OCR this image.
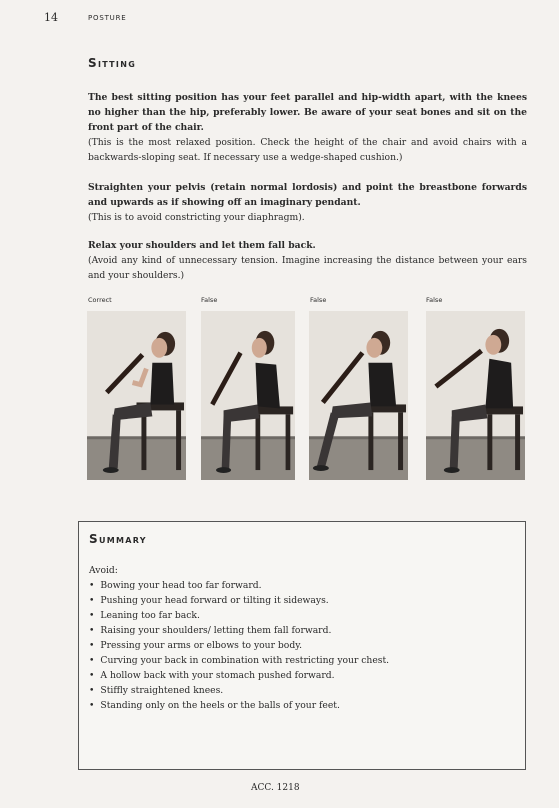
14	POSTURE
Sitting

The best sitting position has your feet parallel and hip-width apart, with the knees no higher than the hip, preferably lower. Be aware of your seat bones and sit on the front part of the chair.
(This is the most relaxed position. Check the height of the chair and avoid chairs with a backwards-sloping seat. If necessary use a wedge-shaped cushion.)

Straighten your pelvis (retain normal lordosis) and point the breastbone forwards and upwards as if showing off an imaginary pendant.
(This is to avoid constricting your diaphragm).

Relax your shoulders and let them fall back.
(Avoid any kind of unnecessary tension. Imagine increasing the distance between your ears and your shoulders.)

Correct	False	False	False
Summary
Avoid:
• Bowing your head too far forward.
• Pushing your head forward or tilting it sideways.
• Leaning too far back.
• Raising your shoulders/ letting them fall forward.
• Pressing your arms or elbows to your body.
• Curving your back in combination with restricting your chest.
• A hollow back with your stomach pushed forward.
• Stiffly straightened knees.
• Standing only on the heels or the balls of your feet.
ACC. 1218
